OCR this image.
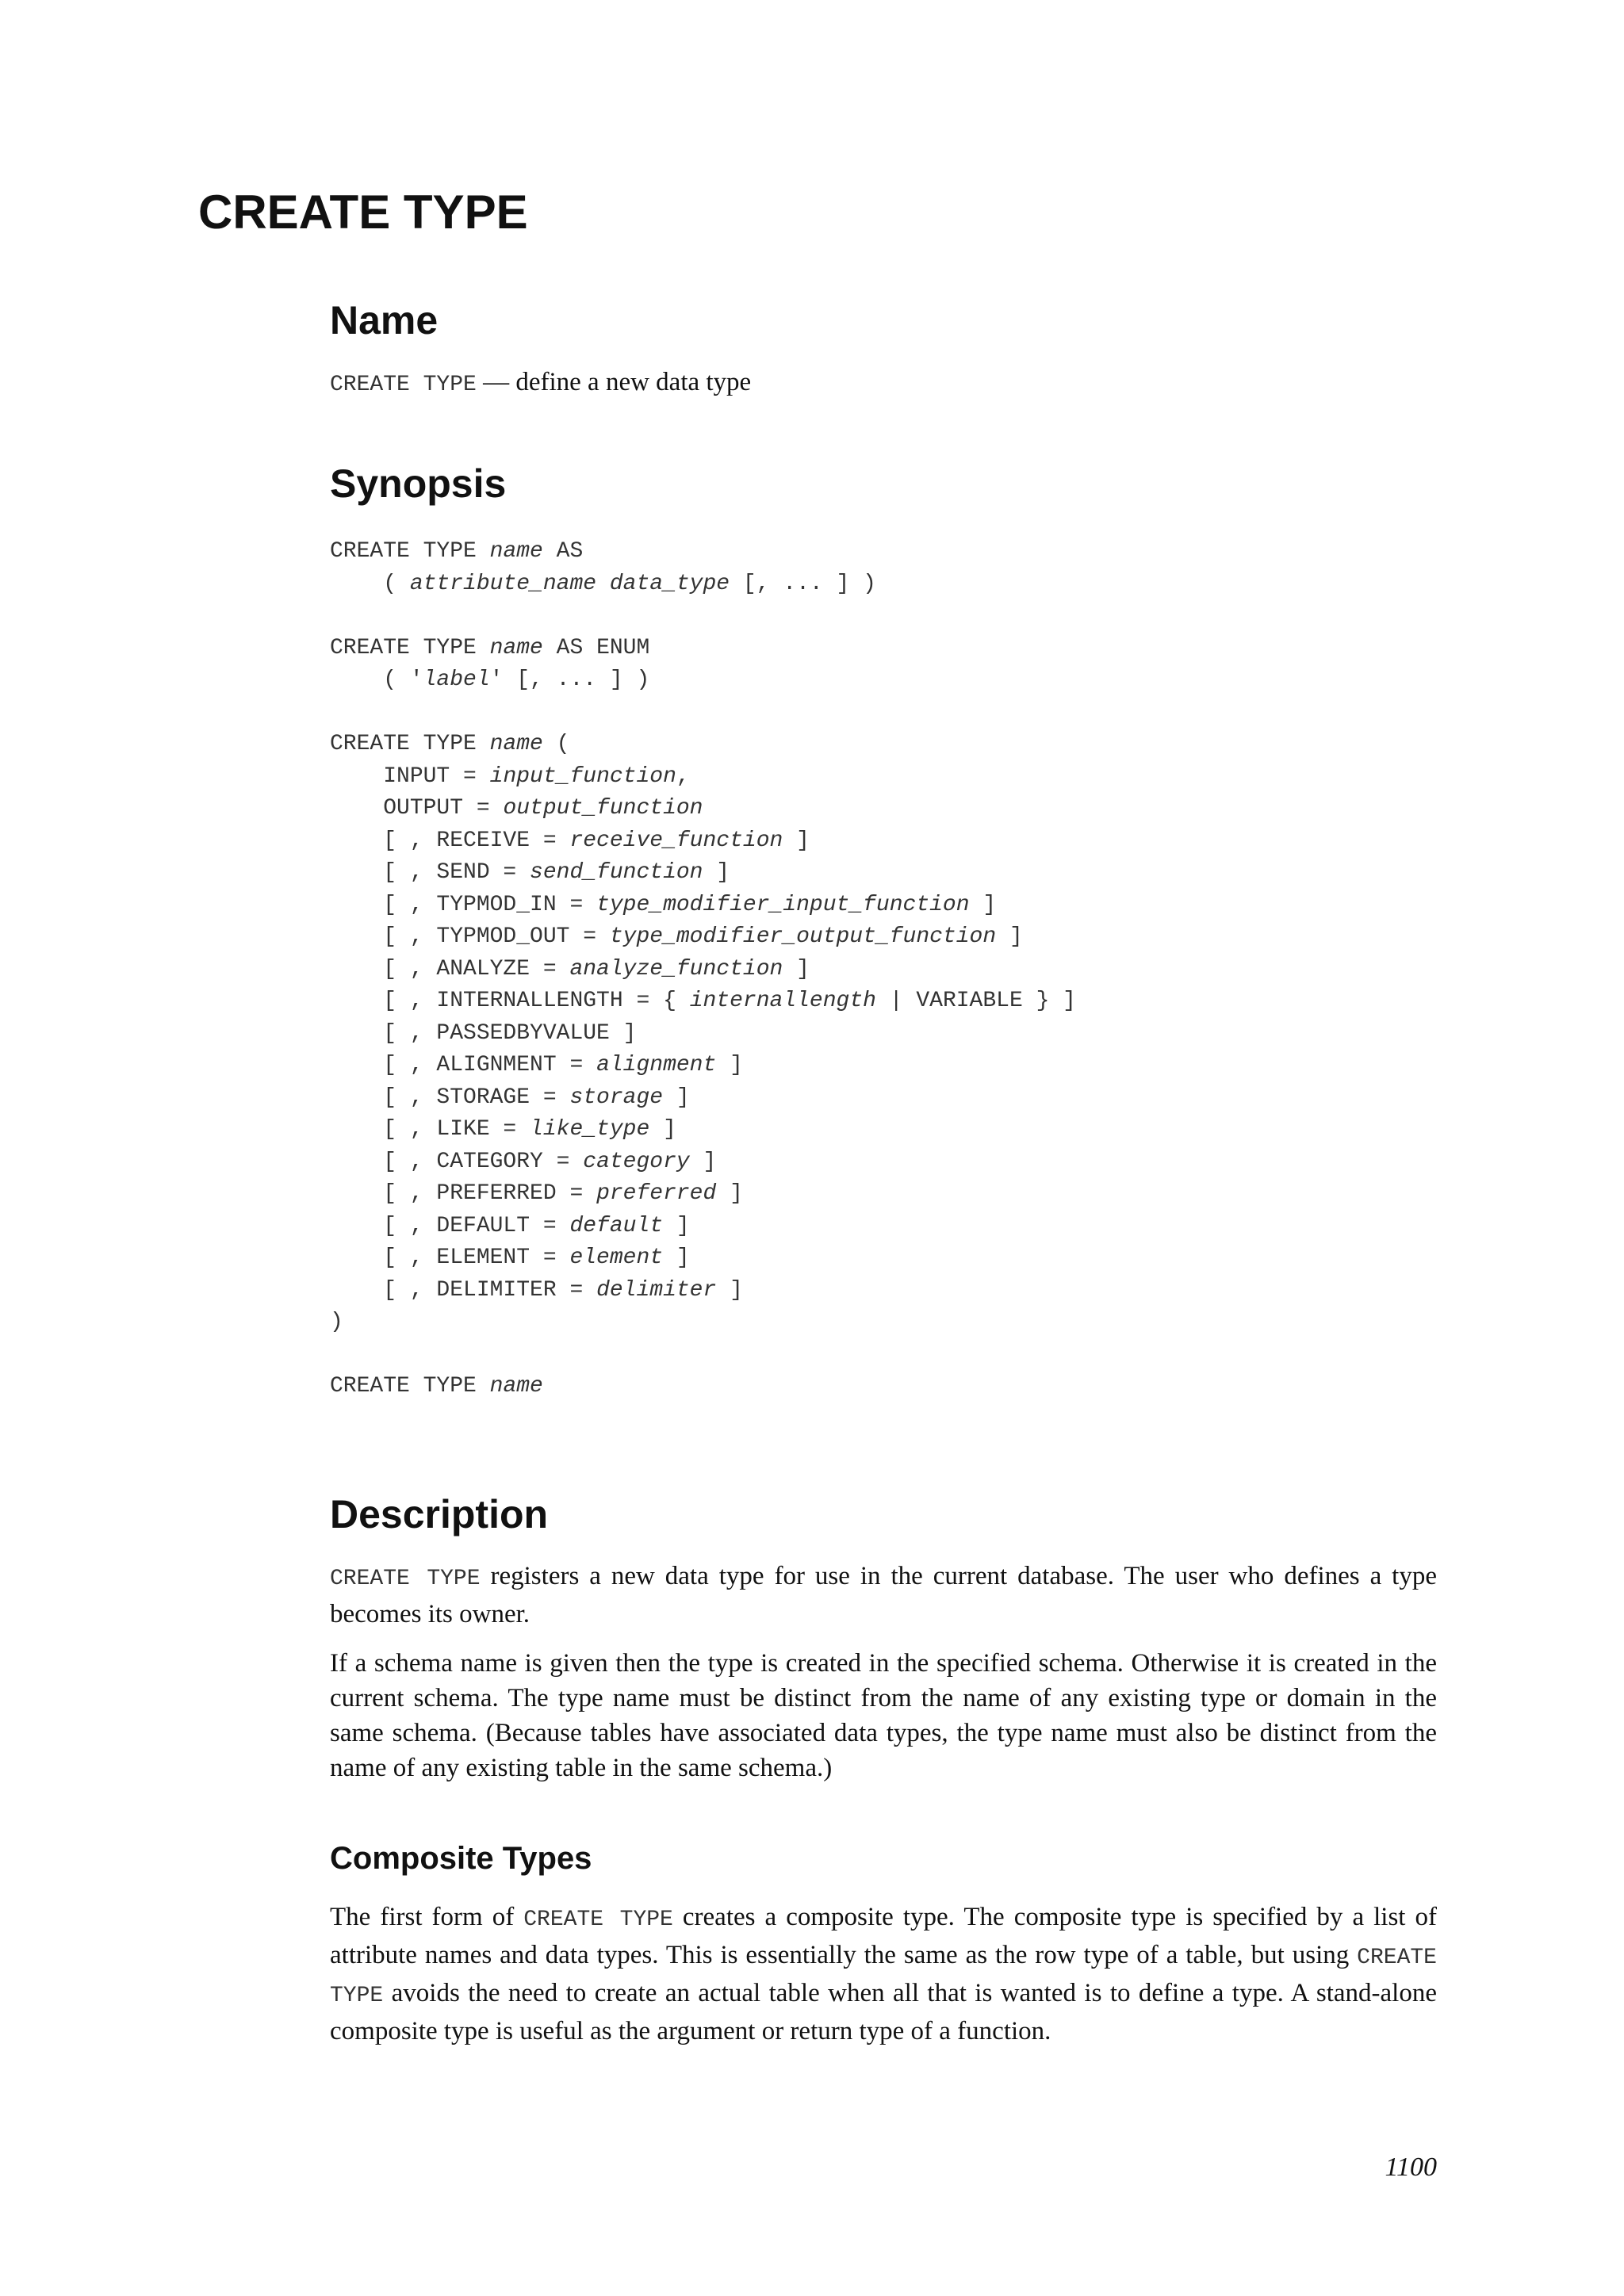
CREATE TYPE
Name

CREATE TYPE — define a new data type

Synopsis
CREATE TYPE name AS
( attribute_name data_type [, ... ] )

CREATE TYPE name AS ENUM
( 'label' [, ... ] )

CREATE TYPE name (
INPUT = input_function,
OUTPUT = output_function
[ , RECEIVE = receive_function ]
[ , SEND = send_function ]
[ , TYPMOD_IN = type_modifier_input_function ]
[ , TYPMOD_OUT = type_modifier_output_function ]
[ , ANALYZE = analyze_function ]
[ , INTERNALLENGTH = { internallength | VARIABLE } ]
[ , PASSEDBYVALUE ]
[ , ALIGNMENT = alignment ]
[ , STORAGE = storage ]
[ , LIKE = like_type ]
[ , CATEGORY = category ]
[ , PREFERRED = preferred ]
[ , DEFAULT = default ]
[ , ELEMENT = element ]
[ , DELIMITER = delimiter ]
)

CREATE TYPE name
Description

CREATE TYPE registers a new data type for use in the current database. The user who defines a type becomes its owner.

If a schema name is given then the type is created in the specified schema. Otherwise it is created in the current schema. The type name must be distinct from the name of any existing type or domain in the same schema. (Because tables have associated data types, the type name must also be distinct from the name of any existing table in the same schema.)

Composite Types

The first form of CREATE TYPE creates a composite type. The composite type is specified by a list of attribute names and data types. This is essentially the same as the row type of a table, but using CREATE TYPE avoids the need to create an actual table when all that is wanted is to define a type. A stand-alone composite type is useful as the argument or return type of a function.

1100
